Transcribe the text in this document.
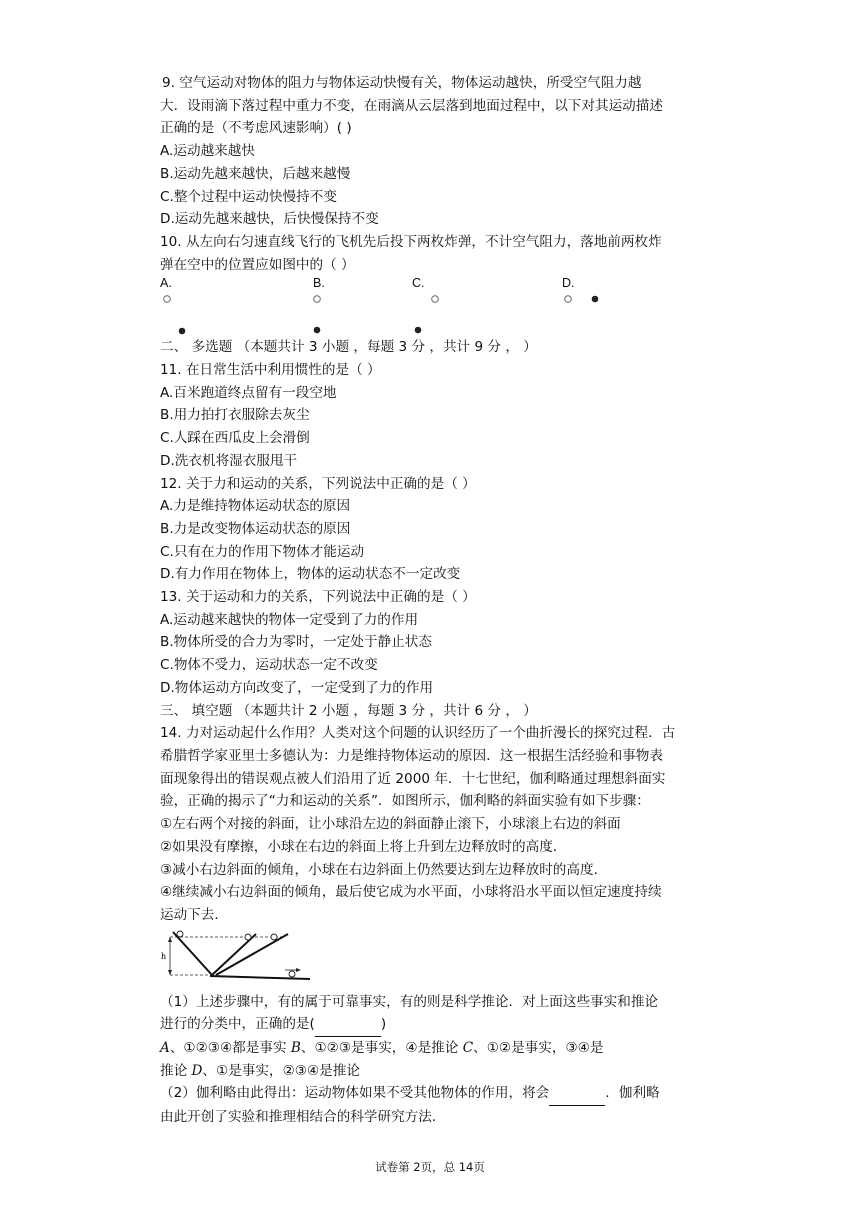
9. 空气运动对物体的阻力与物体运动快慢有关，物体运动越快，所受空气阻力越
大．设雨滴下落过程中重力不变，在雨滴从云层落到地面过程中，以下对其运动描述
正确的是（不考虑风速影响）( )
A.运动越来越快
B.运动先越来越快，后越来越慢
C.整个过程中运动快慢持不变
D.运动先越来越快，后快慢保持不变
10. 从左向右匀速直线飞行的飞机先后投下两枚炸弹，不计空气阻力，落地前两枚炸
弹在空中的位置应如图中的（ ）
A.	B.	C.	D.
二、 多选题 （本题共计 3 小题 ，每题 3 分 ，共计 9 分 ， ）
11. 在日常生活中利用惯性的是（ ）
A.百米跑道终点留有一段空地
B.用力拍打衣服除去灰尘
C.人踩在西瓜皮上会滑倒
D.洗衣机将湿衣服甩干
12. 关于力和运动的关系，下列说法中正确的是（ ）
A.力是维持物体运动状态的原因
B.力是改变物体运动状态的原因
C.只有在力的作用下物体才能运动
D.有力作用在物体上，物体的运动状态不一定改变
13. 关于运动和力的关系，下列说法中正确的是（ ）
A.运动越来越快的物体一定受到了力的作用
B.物体所受的合力为零时，一定处于静止状态
C.物体不受力，运动状态一定不改变
D.物体运动方向改变了，一定受到了力的作用
三、 填空题 （本题共计 2 小题 ，每题 3 分 ，共计 6 分 ， ）
14. 力对运动起什么作用？人类对这个问题的认识经历了一个曲折漫长的探究过程．古
希腊哲学家亚里士多德认为：力是维持物体运动的原因．这一根据生活经验和事物表
面现象得出的错误观点被人们沿用了近 2000 年．十七世纪，伽利略通过理想斜面实
验，正确的揭示了“力和运动的关系”．如图所示，伽利略的斜面实验有如下步骤：
①左右两个对接的斜面，让小球沿左边的斜面静止滚下，小球滚上右边的斜面
②如果没有摩擦，小球在右边的斜面上将上升到左边释放时的高度．
③减小右边斜面的倾角，小球在右边斜面上仍然要达到左边释放时的高度．
④继续减小右边斜面的倾角，最后使它成为水平面，小球将沿水平面以恒定速度持续
运动下去．
h
（1）上述步骤中，有的属于可靠事实，有的则是科学推论．对上面这些事实和推论
进行的分类中，正确的是(	)
A、①②③④都是事实 B、①②③是事实，④是推论 C、①②是事实，③④是
推论 D、①是事实，②③④是推论
（2）伽利略由此得出：运动物体如果不受其他物体的作用，将会	．伽利略
由此开创了实验和推理相结合的科学研究方法．
试卷第 2页，总 14页
